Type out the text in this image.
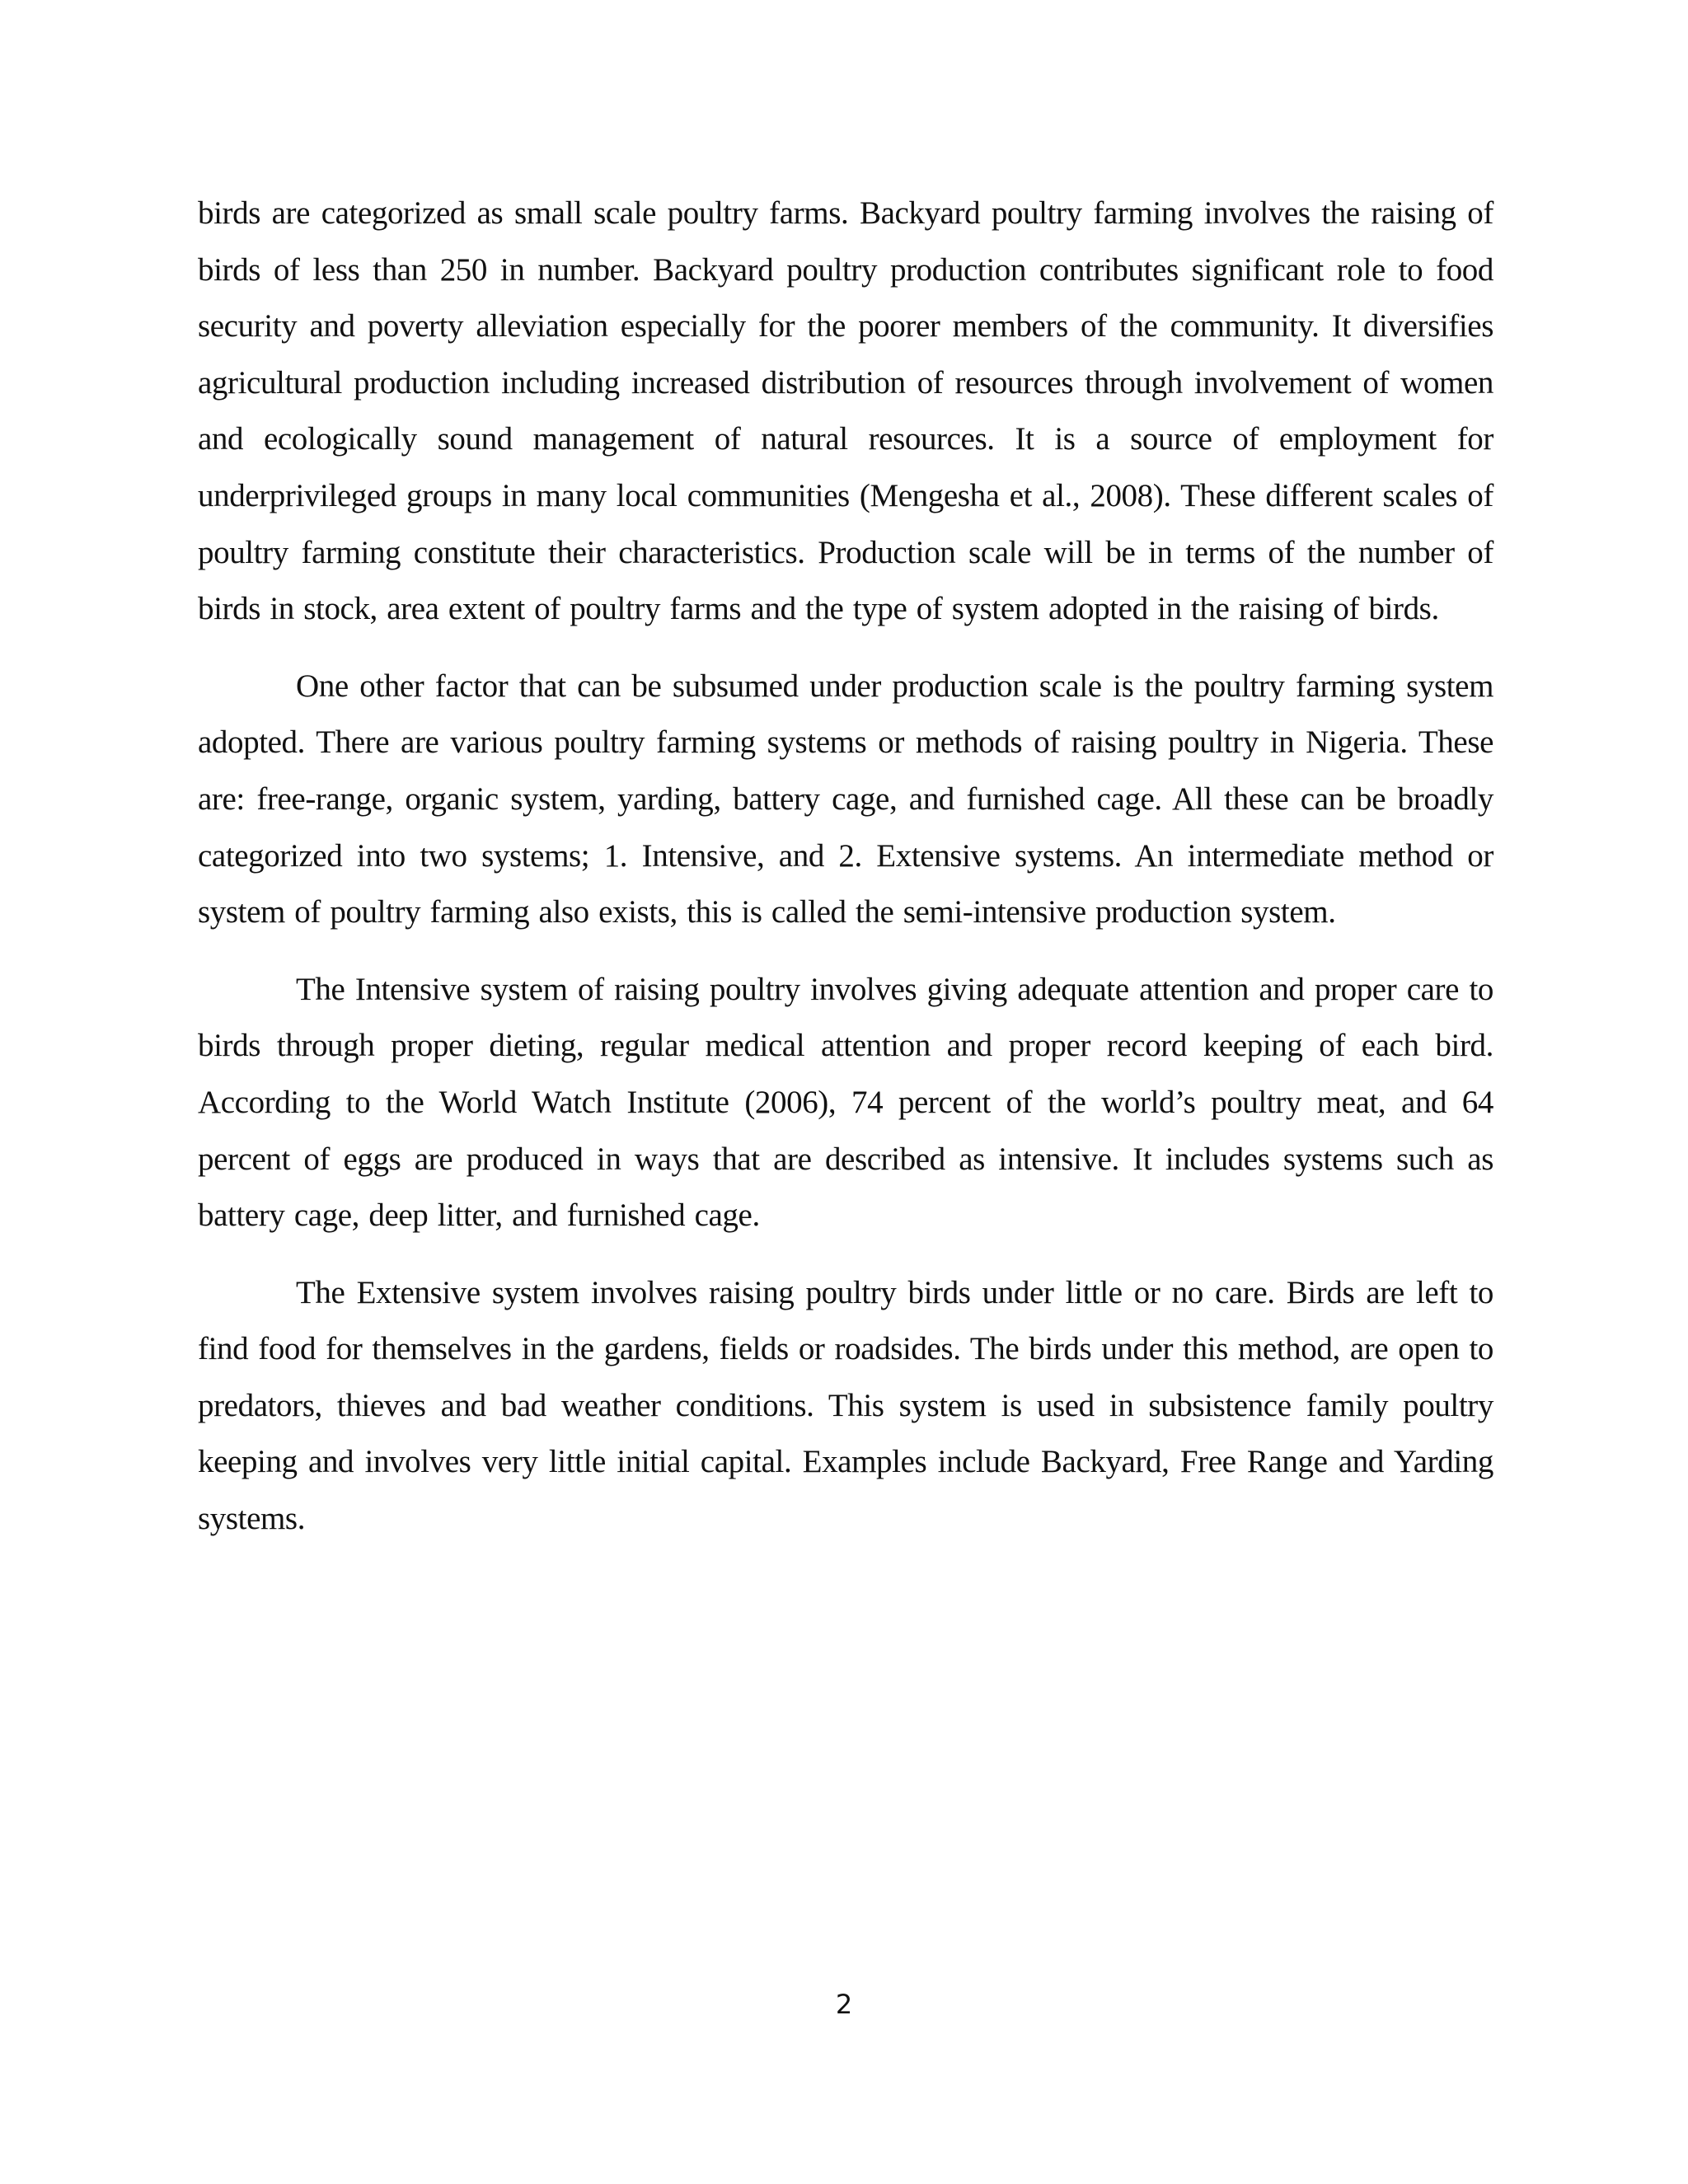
birds are categorized as small scale poultry farms. Backyard poultry farming involves the raising of birds of less than 250 in number. Backyard poultry production contributes significant role to food security and poverty alleviation especially for the poorer members of the community. It diversifies agricultural production including increased distribution of resources through involvement of women and ecologically sound management of natural resources. It is a source of employment for underprivileged groups in many local communities (Mengesha et al., 2008). These different scales of poultry farming constitute their characteristics. Production scale will be in terms of the number of birds in stock, area extent of poultry farms and the type of system adopted in the raising of birds.

One other factor that can be subsumed under production scale is the poultry farming system adopted. There are various poultry farming systems or methods of raising poultry in Nigeria. These are: free-range, organic system, yarding, battery cage, and furnished cage. All these can be broadly categorized into two systems; 1. Intensive, and 2. Extensive systems. An intermediate method or system of poultry farming also exists, this is called the semi-intensive production system.

The Intensive system of raising poultry involves giving adequate attention and proper care to birds through proper dieting, regular medical attention and proper record keeping of each bird. According to the World Watch Institute (2006), 74 percent of the world’s poultry meat, and 64 percent of eggs are produced in ways that are described as intensive. It includes systems such as battery cage, deep litter, and furnished cage.

The Extensive system involves raising poultry birds under little or no care. Birds are left to find food for themselves in the gardens, fields or roadsides. The birds under this method, are open to predators, thieves and bad weather conditions. This system is used in subsistence family poultry keeping and involves very little initial capital. Examples include Backyard, Free Range and Yarding systems.

2
